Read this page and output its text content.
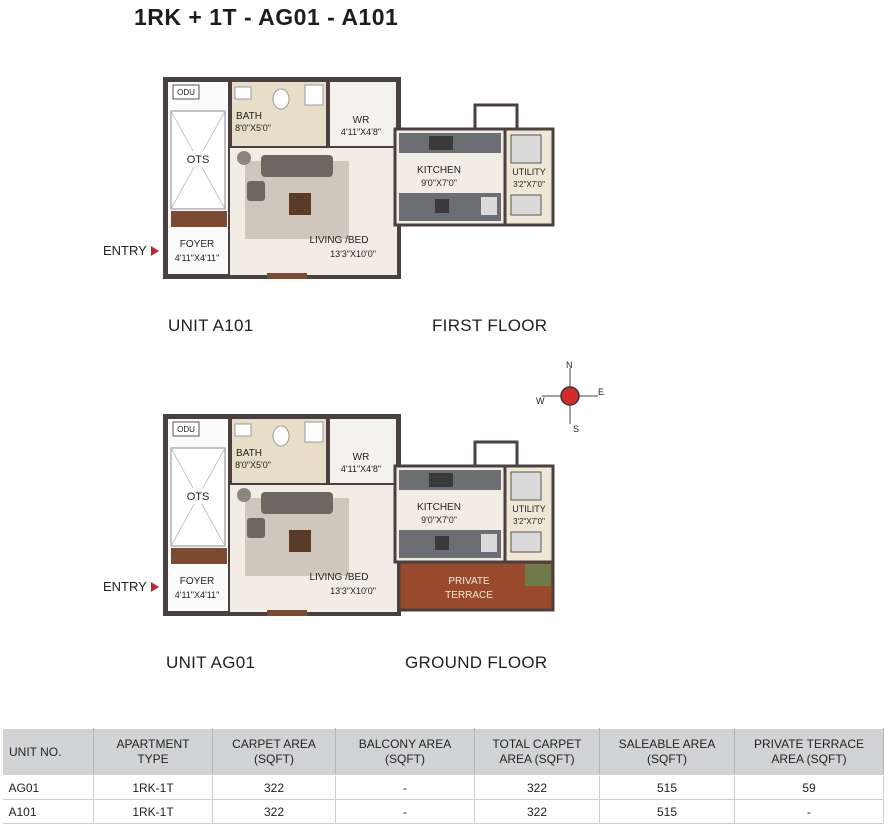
1RK + 1T - AG01 - A101
ODU
OTS
BATH
8'0"X5'0"
WR
4'11"X4'8"
LIVING /BED
13'3"X10'0"
FOYER
4'11"X4'11"
KITCHEN
9'0"X7'0"
UTILITY
3'2"X7'0"
ENTRY
UNIT A101	FIRST FLOOR
N
S
E
W
ODU
OTS
BATH
8'0"X5'0"
WR
4'11"X4'8"
LIVING /BED
13'3"X10'0"
FOYER
4'11"X4'11"
KITCHEN
9'0"X7'0"
UTILITY
3'2"X7'0"
PRIVATE
TERRACE
ENTRY
UNIT AG01	GROUND FLOOR
UNIT NO.	APARTMENT TYPE	CARPET AREA (SQFT)	BALCONY AREA (SQFT)	TOTAL CARPET AREA (SQFT)	SALEABLE AREA (SQFT)	PRIVATE TERRACE AREA (SQFT)
AG01	1RK-1T	322	-	322	515	59
A101	1RK-1T	322	-	322	515	-
